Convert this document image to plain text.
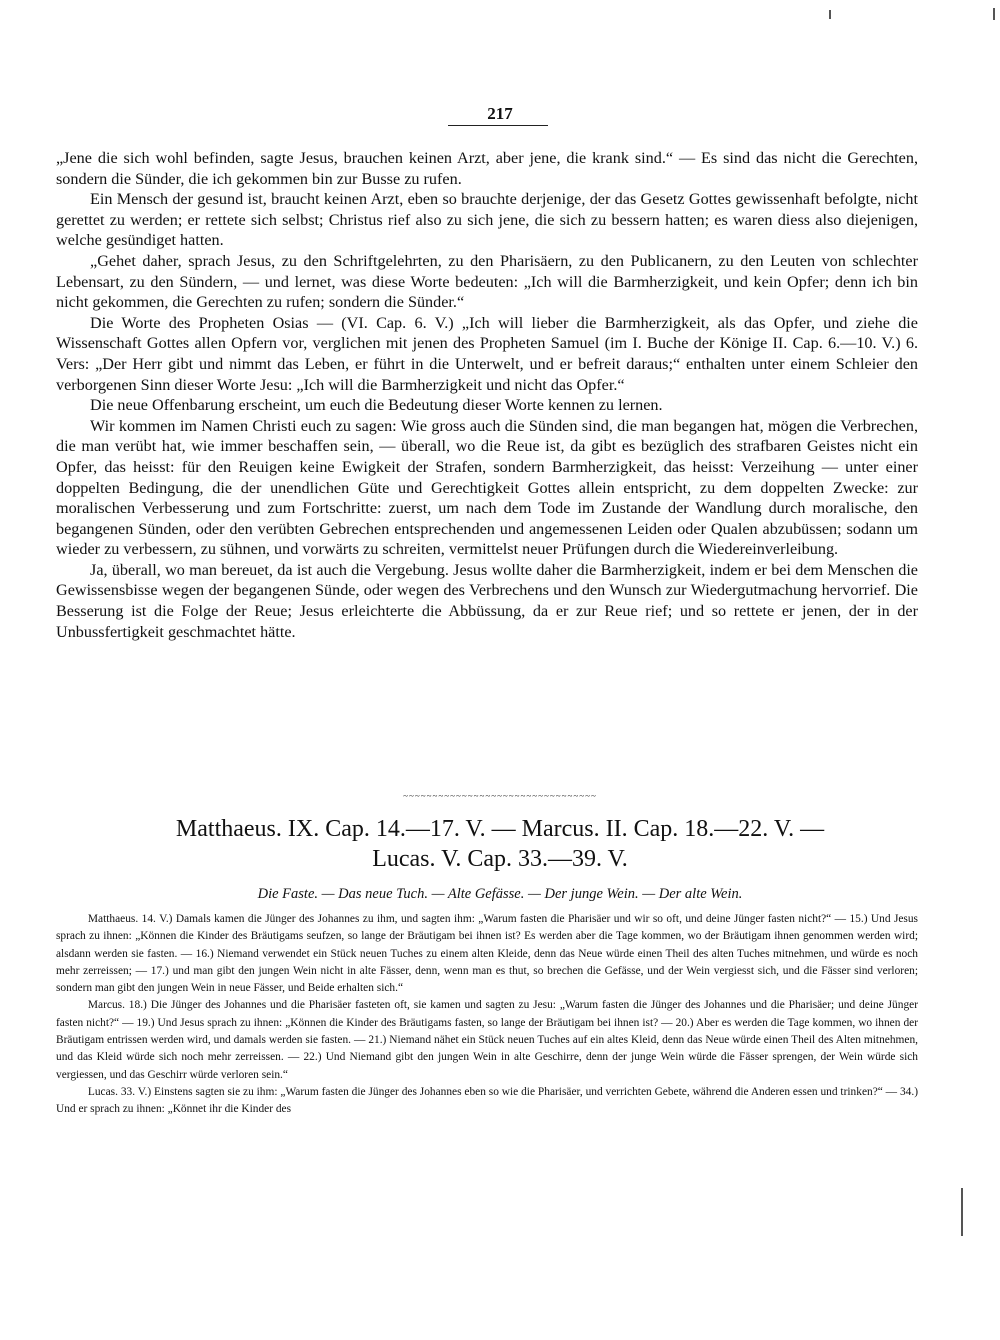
217

„Jene die sich wohl befinden, sagte Jesus, brauchen keinen Arzt, aber jene, die krank sind.“ — Es sind das nicht die Gerechten, sondern die Sünder, die ich gekommen bin zur Busse zu rufen.

Ein Mensch der gesund ist, braucht keinen Arzt, eben so brauchte derjenige, der das Gesetz Gottes gewissenhaft befolgte, nicht gerettet zu werden; er rettete sich selbst; Christus rief also zu sich jene, die sich zu bessern hatten; es waren diess also diejenigen, welche gesündiget hatten.

„Gehet daher, sprach Jesus, zu den Schriftgelehrten, zu den Pharisäern, zu den Publicanern, zu den Leuten von schlechter Lebensart, zu den Sündern, — und lernet, was diese Worte bedeuten: „Ich will die Barmherzigkeit, und kein Opfer; denn ich bin nicht gekommen, die Gerechten zu rufen; sondern die Sünder.“

Die Worte des Propheten Osias — (VI. Cap. 6. V.) „Ich will lieber die Barmherzigkeit, als das Opfer, und ziehe die Wissenschaft Gottes allen Opfern vor, verglichen mit jenen des Propheten Samuel (im I. Buche der Könige II. Cap. 6.—10. V.) 6. Vers: „Der Herr gibt und nimmt das Leben, er führt in die Unterwelt, und er befreit daraus;“ enthalten unter einem Schleier den verborgenen Sinn dieser Worte Jesu: „Ich will die Barmherzigkeit und nicht das Opfer.“

Die neue Offenbarung erscheint, um euch die Bedeutung dieser Worte kennen zu lernen.

Wir kommen im Namen Christi euch zu sagen: Wie gross auch die Sünden sind, die man begangen hat, mögen die Verbrechen, die man verübt hat, wie immer beschaffen sein, — überall, wo die Reue ist, da gibt es bezüglich des strafbaren Geistes nicht ein Opfer, das heisst: für den Reuigen keine Ewigkeit der Strafen, sondern Barmherzigkeit, das heisst: Verzeihung — unter einer doppelten Bedingung, die der unendlichen Güte und Gerechtigkeit Gottes allein entspricht, zu dem doppelten Zwecke: zur moralischen Verbesserung und zum Fortschritte: zuerst, um nach dem Tode im Zustande der Wandlung durch moralische, den begangenen Sünden, oder den verübten Gebrechen entsprechenden und angemessenen Leiden oder Qualen abzubüssen; sodann um wieder zu verbessern, zu sühnen, und vorwärts zu schreiten, vermittelst neuer Prüfungen durch die Wiedereinverleibung.

Ja, überall, wo man bereuet, da ist auch die Vergebung. Jesus wollte daher die Barmherzigkeit, indem er bei dem Menschen die Gewissensbisse wegen der begangenen Sünde, oder wegen des Verbrechens und den Wunsch zur Wiedergutmachung hervorrief. Die Besserung ist die Folge der Reue; Jesus erleichterte die Abbüssung, da er zur Reue rief; und so rettete er jenen, der in der Unbussfertigkeit geschmachtet hätte.

~~~~~~~~~~~~~~~~~~~~~~~~~~~~~~~~~
Matthaeus. IX. Cap. 14.—17. V. — Marcus. II. Cap. 18.—22. V. —
Lucas. V. Cap. 33.—39. V.
Die Faste. — Das neue Tuch. — Alte Gefässe. — Der junge Wein. — Der alte Wein.

Matthaeus. 14. V.) Damals kamen die Jünger des Johannes zu ihm, und sagten ihm: „Warum fasten die Pharisäer und wir so oft, und deine Jünger fasten nicht?“ — 15.) Und Jesus sprach zu ihnen: „Können die Kinder des Bräutigams seufzen, so lange der Bräutigam bei ihnen ist? Es werden aber die Tage kommen, wo der Bräutigam ihnen genommen werden wird; alsdann werden sie fasten. — 16.) Niemand verwendet ein Stück neuen Tuches zu einem alten Kleide, denn das Neue würde einen Theil des alten Tuches mitnehmen, und würde es noch mehr zerreissen; — 17.) und man gibt den jungen Wein nicht in alte Fässer, denn, wenn man es thut, so brechen die Gefässe, und der Wein vergiesst sich, und die Fässer sind verloren; sondern man gibt den jungen Wein in neue Fässer, und Beide erhalten sich.“

Marcus. 18.) Die Jünger des Johannes und die Pharisäer fasteten oft, sie kamen und sagten zu Jesu: „Warum fasten die Jünger des Johannes und die Pharisäer; und deine Jünger fasten nicht?“ — 19.) Und Jesus sprach zu ihnen: „Können die Kinder des Bräutigams fasten, so lange der Bräutigam bei ihnen ist? — 20.) Aber es werden die Tage kommen, wo ihnen der Bräutigam entrissen werden wird, und damals werden sie fasten. — 21.) Niemand nähet ein Stück neuen Tuches auf ein altes Kleid, denn das Neue würde einen Theil des Alten mitnehmen, und das Kleid würde sich noch mehr zerreissen. — 22.) Und Niemand gibt den jungen Wein in alte Geschirre, denn der junge Wein würde die Fässer sprengen, der Wein würde sich vergiessen, und das Geschirr würde verloren sein.“

Lucas. 33. V.) Einstens sagten sie zu ihm: „Warum fasten die Jünger des Johannes eben so wie die Pharisäer, und verrichten Gebete, während die Anderen essen und trinken?“ — 34.) Und er sprach zu ihnen: „Könnet ihr die Kinder des
